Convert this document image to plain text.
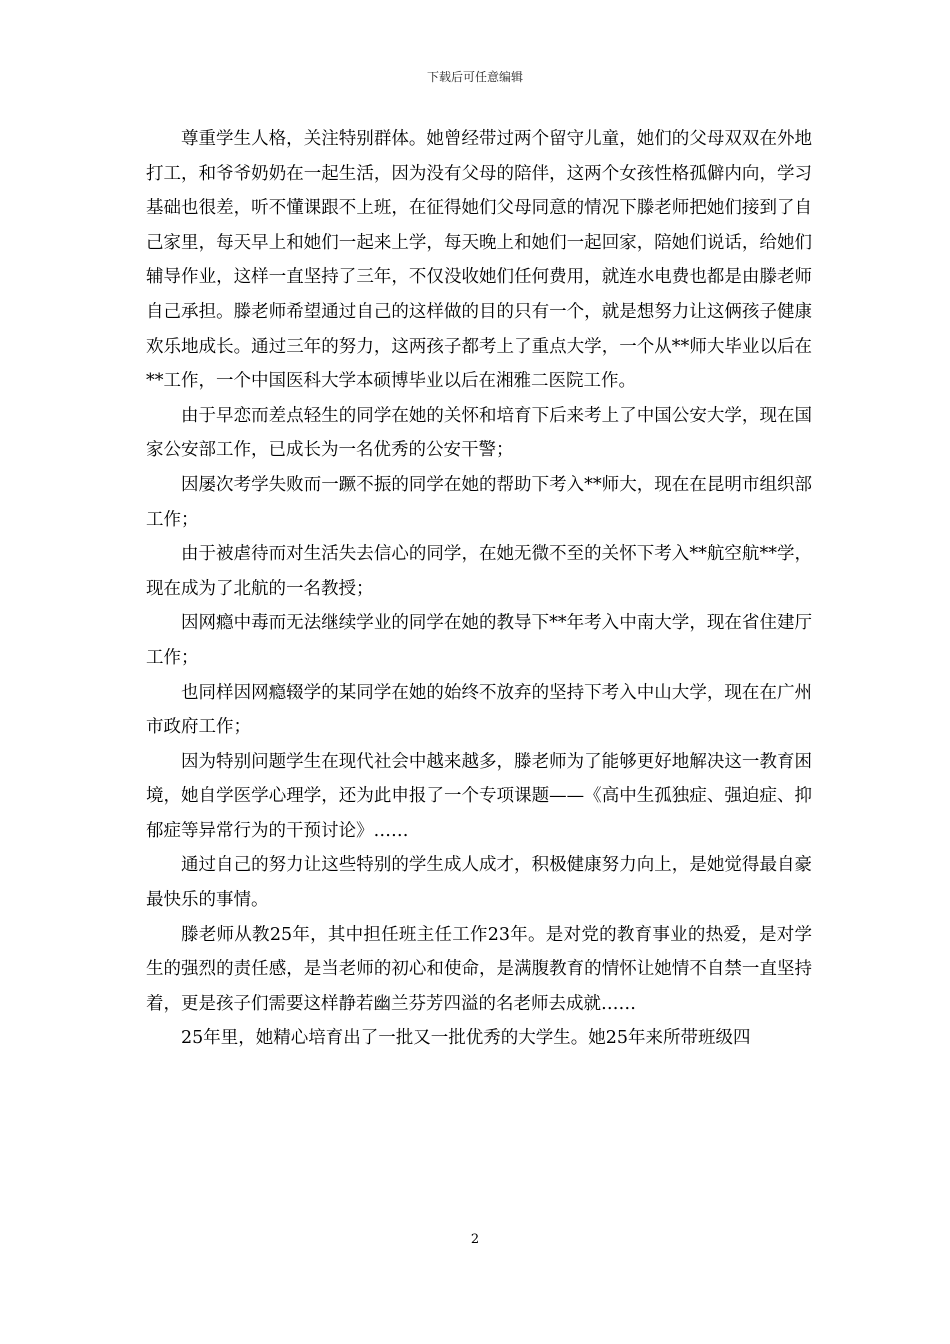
下载后可任意编辑

尊重学生人格，关注特别群体。她曾经带过两个留守儿童，她们的父母双双在外地打工，和爷爷奶奶在一起生活，因为没有父母的陪伴，这两个女孩性格孤僻内向，学习基础也很差，听不懂课跟不上班，在征得她们父母同意的情况下滕老师把她们接到了自己家里，每天早上和她们一起来上学，每天晚上和她们一起回家，陪她们说话，给她们辅导作业，这样一直坚持了三年，不仅没收她们任何费用，就连水电费也都是由滕老师自己承担。滕老师希望通过自己的这样做的目的只有一个，就是想努力让这俩孩子健康欢乐地成长。通过三年的努力，这两孩子都考上了重点大学，一个从**师大毕业以后在**工作，一个中国医科大学本硕博毕业以后在湘雅二医院工作。

由于早恋而差点轻生的同学在她的关怀和培育下后来考上了中国公安大学，现在国家公安部工作，已成长为一名优秀的公安干警；

因屡次考学失败而一蹶不振的同学在她的帮助下考入**师大，现在在昆明市组织部工作；

由于被虐待而对生活失去信心的同学，在她无微不至的关怀下考入**航空航**学，现在成为了北航的一名教授；

因网瘾中毒而无法继续学业的同学在她的教导下**年考入中南大学，现在省住建厅工作；

也同样因网瘾辍学的某同学在她的始终不放弃的坚持下考入中山大学，现在在广州市政府工作；

因为特别问题学生在现代社会中越来越多，滕老师为了能够更好地解决这一教育困境，她自学医学心理学，还为此申报了一个专项课题——《高中生孤独症、强迫症、抑郁症等异常行为的干预讨论》……

通过自己的努力让这些特别的学生成人成才，积极健康努力向上，是她觉得最自豪最快乐的事情。

滕老师从教25年，其中担任班主任工作23年。是对党的教育事业的热爱，是对学生的强烈的责任感，是当老师的初心和使命，是满腹教育的情怀让她情不自禁一直坚持着，更是孩子们需要这样静若幽兰芬芳四溢的名老师去成就……

25年里，她精心培育出了一批又一批优秀的大学生。她25年来所带班级四

2
